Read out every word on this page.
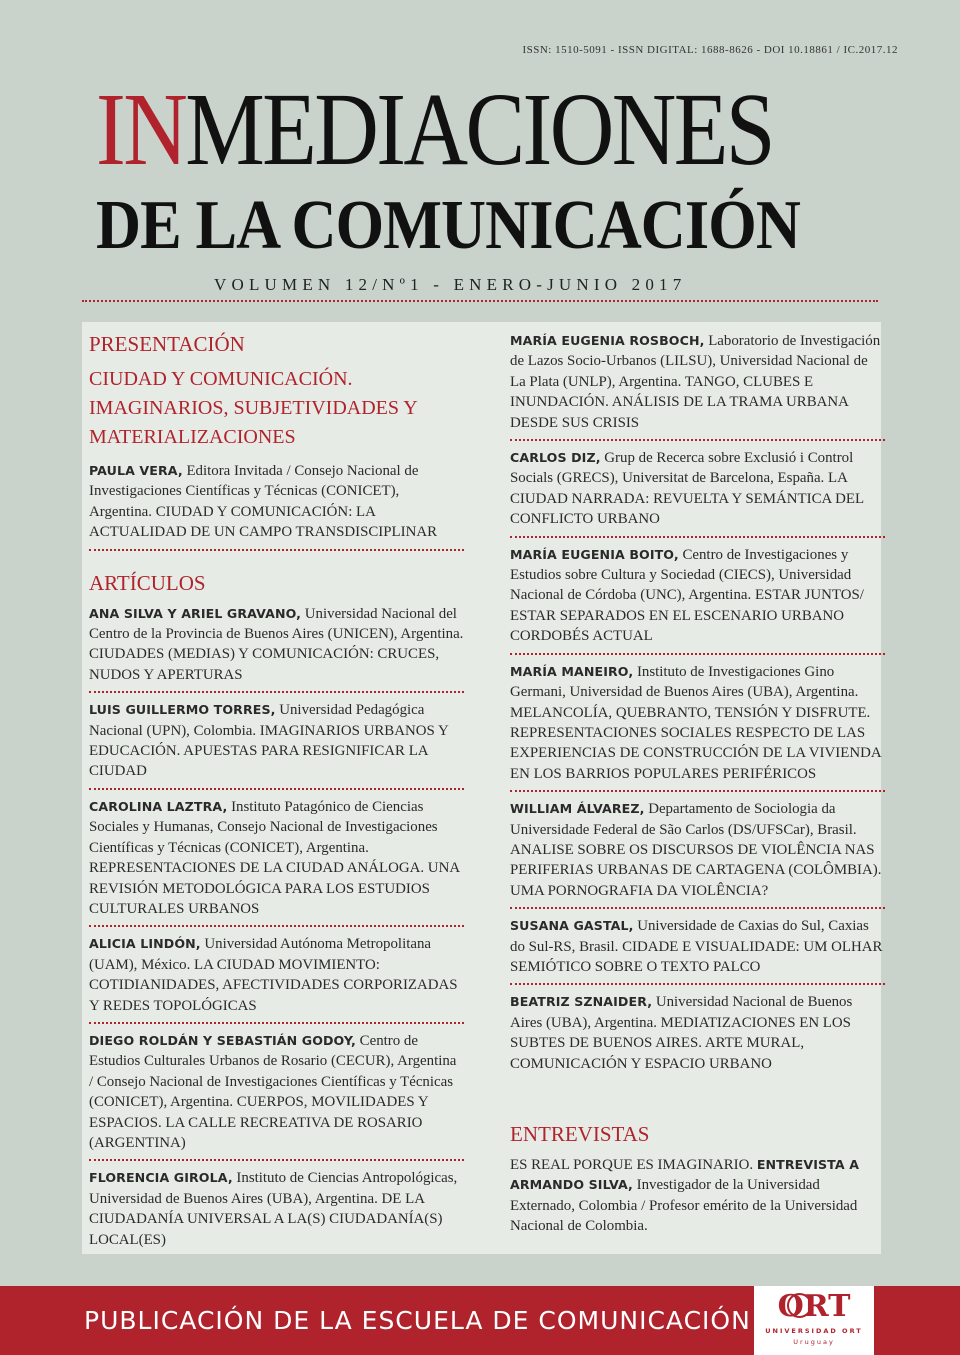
ISSN: 1510-5091 - ISSN DIGITAL: 1688-8626 - DOI 10.18861 / IC.2017.12
INMEDIACIONES
DE LA COMUNICACIÓN
VOLUMEN 12/Nº1 - ENERO-JUNIO 2017
PRESENTACIÓN
CIUDAD Y COMUNICACIÓN. IMAGINARIOS, SUBJETIVIDADES Y MATERIALIZACIONES
PAULA VERA, Editora Invitada / Consejo Nacional de Investigaciones Científicas y Técnicas (CONICET), Argentina. CIUDAD Y COMUNICACIÓN: LA ACTUALIDAD DE UN CAMPO TRANSDISCIPLINAR
ARTÍCULOS
ANA SILVA Y ARIEL GRAVANO, Universidad Nacional del Centro de la Provincia de Buenos Aires (UNICEN), Argentina. CIUDADES (MEDIAS) Y COMUNICACIÓN: CRUCES, NUDOS Y APERTURAS
LUIS GUILLERMO TORRES, Universidad Pedagógica Nacional (UPN), Colombia. IMAGINARIOS URBANOS Y EDUCACIÓN. APUESTAS PARA RESIGNIFICAR LA CIUDAD
CAROLINA LAZTRA, Instituto Patagónico de Ciencias Sociales y Humanas, Consejo Nacional de Investigaciones Científicas y Técnicas (CONICET), Argentina. REPRESENTACIONES DE LA CIUDAD ANÁLOGA. UNA REVISIÓN METODOLÓGICA PARA LOS ESTUDIOS CULTURALES URBANOS
ALICIA LINDÓN, Universidad Autónoma Metropolitana (UAM), México. LA CIUDAD MOVIMIENTO: COTIDIANIDADES, AFECTIVIDADES CORPORIZADAS Y REDES TOPOLÓGICAS
DIEGO ROLDÁN Y SEBASTIÁN GODOY, Centro de Estudios Culturales Urbanos de Rosario (CECUR), Argentina / Consejo Nacional de Investigaciones Científicas y Técnicas (CONICET), Argentina. CUERPOS, MOVILIDADES Y ESPACIOS. LA CALLE RECREATIVA DE ROSARIO (ARGENTINA)
FLORENCIA GIROLA, Instituto de Ciencias Antropológicas, Universidad de Buenos Aires (UBA), Argentina. DE LA CIUDADANÍA UNIVERSAL A LA(S) CIUDADANÍA(S) LOCAL(ES)
MARÍA EUGENIA ROSBOCH, Laboratorio de Investigación de Lazos Socio-Urbanos (LILSU), Universidad Nacional de La Plata (UNLP), Argentina. TANGO, CLUBES E INUNDACIÓN. ANÁLISIS DE LA TRAMA URBANA DESDE SUS CRISIS
CARLOS DIZ, Grup de Recerca sobre Exclusió i Control Socials (GRECS), Universitat de Barcelona, España. LA CIUDAD NARRADA: REVUELTA Y SEMÁNTICA DEL CONFLICTO URBANO
MARÍA EUGENIA BOITO, Centro de Investigaciones y Estudios sobre Cultura y Sociedad (CIECS), Universidad Nacional de Córdoba (UNC), Argentina. ESTAR JUNTOS/ ESTAR SEPARADOS EN EL ESCENARIO URBANO CORDOBÉS ACTUAL
MARÍA MANEIRO, Instituto de Investigaciones Gino Germani, Universidad de Buenos Aires (UBA), Argentina. MELANCOLÍA, QUEBRANTO, TENSIÓN Y DISFRUTE. REPRESENTACIONES SOCIALES RESPECTO DE LAS EXPERIENCIAS DE CONSTRUCCIÓN DE LA VIVIENDA EN LOS BARRIOS POPULARES PERIFÉRICOS
WILLIAM ÁLVAREZ, Departamento de Sociologia da Universidade Federal de São Carlos (DS/UFSCar), Brasil. ANALISE SOBRE OS DISCURSOS DE VIOLÊNCIA NAS PERIFERIAS URBANAS DE CARTAGENA (COLÔMBIA). UMA PORNOGRAFIA DA VIOLÊNCIA?
SUSANA GASTAL, Universidade de Caxias do Sul, Caxias do Sul-RS, Brasil. CIDADE E VISUALIDADE: UM OLHAR SEMIÓTICO SOBRE O TEXTO PALCO
BEATRIZ SZNAIDER, Universidad Nacional de Buenos Aires (UBA), Argentina. MEDIATIZACIONES EN LOS SUBTES DE BUENOS AIRES. ARTE MURAL, COMUNICACIÓN Y ESPACIO URBANO
ENTREVISTAS
ES REAL PORQUE ES IMAGINARIO. ENTREVISTA A ARMANDO SILVA, Investigador de la Universidad Externado, Colombia / Profesor emérito de la Universidad Nacional de Colombia.
PUBLICACIÓN DE LA ESCUELA DE COMUNICACIÓN ORT
UNIVERSIDAD ORT
Uruguay
